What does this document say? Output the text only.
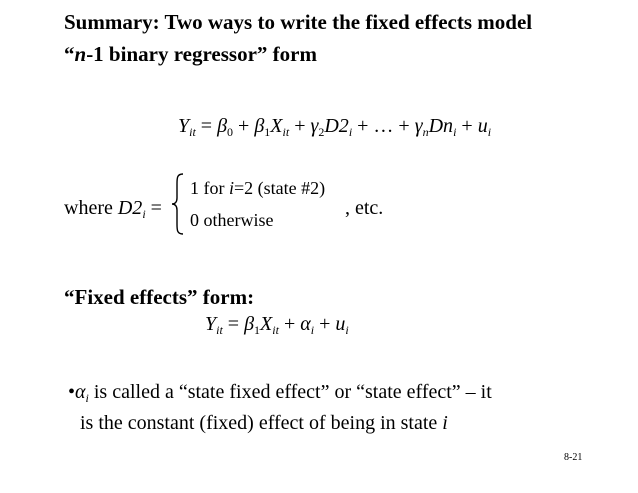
Summary: Two ways to write the fixed effects model
“n-1 binary regressor” form
$Y_{it} = \beta_0 + \beta_1X_{it} + \gamma_2D2_i$ + … + $\gamma_nDn_i + u_i$
where $D2_i$ =
1 for i=2 (state #2)
0 otherwise
, etc.
“Fixed effects” form:
$Y_{it} = \beta_1X_{it} + \alpha_i + u_i$
$•\alpha_i$ is called a “state fixed effect” or “state effect” – it
is the constant (fixed) effect of being in state i
8-21
